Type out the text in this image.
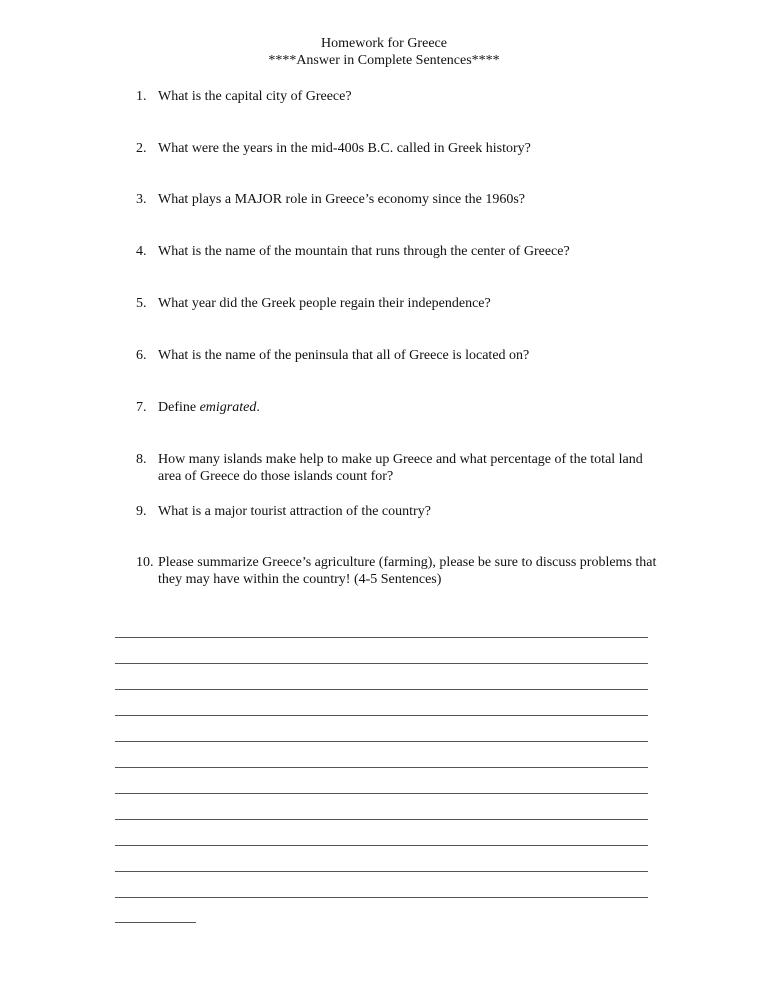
Homework for Greece
****Answer in Complete Sentences****
1. What is the capital city of Greece?
2. What were the years in the mid-400s B.C. called in Greek history?
3. What plays a MAJOR role in Greece’s economy since the 1960s?
4. What is the name of the mountain that runs through the center of Greece?
5. What year did the Greek people regain their independence?
6. What is the name of the peninsula that all of Greece is located on?
7. Define emigrated.
8. How many islands make help to make up Greece and what percentage of the total land area of Greece do those islands count for?
9. What is a major tourist attraction of the country?
10. Please summarize Greece’s agriculture (farming), please be sure to discuss problems that they may have within the country! (4-5 Sentences)
